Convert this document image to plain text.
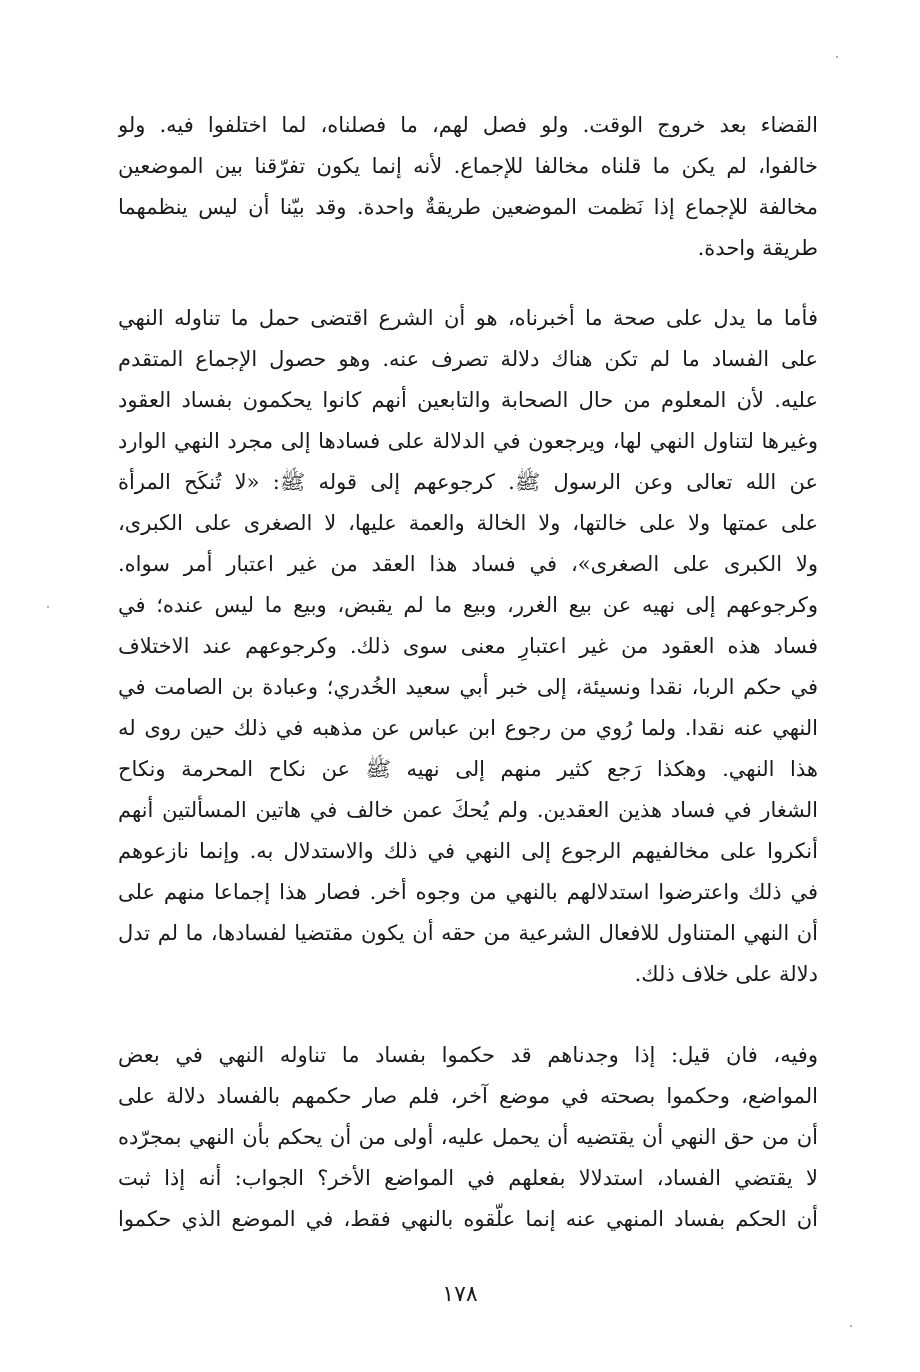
القضاء بعد خروج الوقت. ولو فصل لهم، ما فصلناه، لما اختلفوا فيه. ولو
خالفوا، لم يكن ما قلناه مخالفا للإجماع. لأنه إنما يكون تفرّقنا بين الموضعين
مخالفة للإجماع إذا نَظمت الموضعين طريقةٌ واحدة. وقد بيّنا أن ليس ينظمهما
طريقة واحدة.
فأما ما يدل على صحة ما أخبرناه، هو أن الشرع اقتضى حمل ما تناوله النهي
على الفساد ما لم تكن هناك دلالة تصرف عنه. وهو حصول الإجماع المتقدم
عليه. لأن المعلوم من حال الصحابة والتابعين أنهم كانوا يحكمون بفساد العقود
وغيرها لتناول النهي لها، ويرجعون في الدلالة على فسادها إلى مجرد النهي الوارد
عن الله تعالى وعن الرسول ﷺ. كرجوعهم إلى قوله ﷺ: «لا تُنكَح المرأة
على عمتها ولا على خالتها، ولا الخالة والعمة عليها، لا الصغرى على الكبرى،
ولا الكبرى على الصغرى»، في فساد هذا العقد من غير اعتبار أمر سواه.
وكرجوعهم إلى نهيه عن بيع الغرر، وبيع ما لم يقبض، وبيع ما ليس عنده؛ في
فساد هذه العقود من غير اعتبارِ معنى سوى ذلك. وكرجوعهم عند الاختلاف
في حكم الربا، نقدا ونسيئة، إلى خبر أبي سعيد الخُدري؛ وعبادة بن الصامت في
النهي عنه نقدا. ولما رُوي من رجوع ابن عباس عن مذهبه في ذلك حين روى له
هذا النهي. وهكذا رَجع كثير منهم إلى نهيه ﷺ عن نكاح المحرمة ونكاح
الشغار في فساد هذين العقدين. ولم يُحكَ عمن خالف في هاتين المسألتين أنهم
أنكروا على مخالفيهم الرجوع إلى النهي في ذلك والاستدلال به. وإنما نازعوهم
في ذلك واعترضوا استدلالهم بالنهي من وجوه أخر. فصار هذا إجماعا منهم على
أن النهي المتناول للافعال الشرعية من حقه أن يكون مقتضيا لفسادها، ما لم تدل
دلالة على خلاف ذلك.
وفيه، فان قيل: إذا وجدناهم قد حكموا بفساد ما تناوله النهي في بعض
المواضع، وحكموا بصحته في موضع آخر، فلم صار حكمهم بالفساد دلالة على
أن من حق النهي أن يقتضيه أن يحمل عليه، أولى من أن يحكم بأن النهي بمجرّده
لا يقتضي الفساد، استدلالا بفعلهم في المواضع الأخر؟ الجواب: أنه إذا ثبت
أن الحكم بفساد المنهي عنه إنما علّقوه بالنهي فقط، في الموضع الذي حكموا
١٧٨
